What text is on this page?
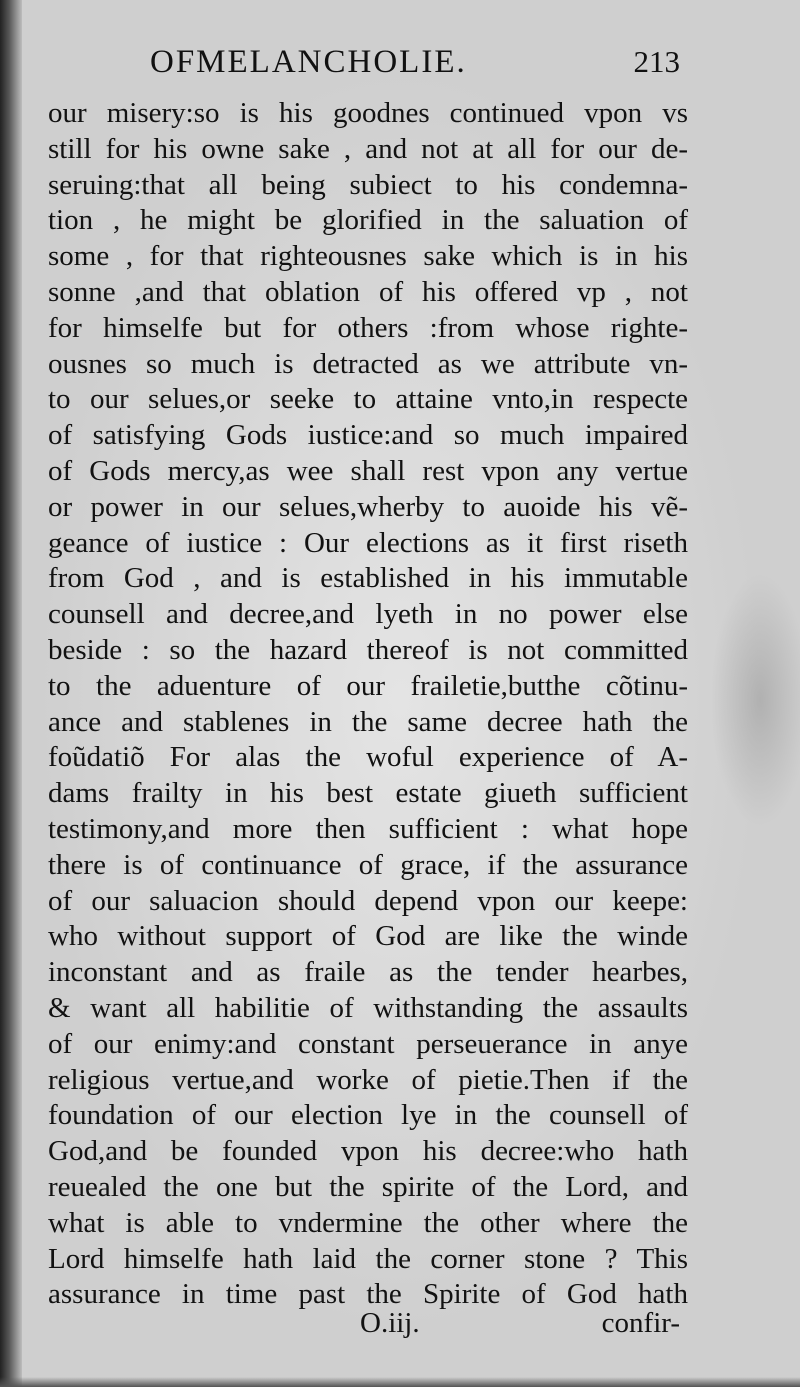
OFMELANCHOLIE.	213
our misery:so is his goodnes continued vpon vs
still for his owne sake , and not at all for our de-
seruing:that all being subiect to his condemna-
tion , he might be glorified in the saluation of
some , for that righteousnes sake which is in his
sonne ,and that oblation of his offered vp , not
for himselfe but for others :from whose righte-
ousnes so much is detracted as we attribute vn-
to our selues,or seeke to attaine vnto,in respecte
of satisfying Gods iustice:and so much impaired
of Gods mercy,as wee shall rest vpon any vertue
or power in our selues,wherby to auoide his vẽ-
geance of iustice : Our elections as it first riseth
from God , and is established in his immutable
counsell and decree,and lyeth in no power else
beside : so the hazard thereof is not committed
to the aduenture of our frailetie,butthe cõtinu-
ance and stablenes in the same decree hath the
foũdatiõ For alas the woful experience of A-
dams frailty in his best estate giueth sufficient
testimony,and more then sufficient : what hope
there is of continuance of grace, if the assurance
of our saluacion should depend vpon our keepe:
who without support of God are like the winde
inconstant and as fraile as the tender hearbes,
& want all habilitie of withstanding the assaults
of our enimy:and constant perseuerance in anye
religious vertue,and worke of pietie.Then if the
foundation of our election lye in the counsell of
God,and be founded vpon his decree:who hath
reuealed the one but the spirite of the Lord, and
what is able to vndermine the other where the
Lord himselfe hath laid the corner stone ? This
assurance in time past the Spirite of God hath
O.iij.	confir-
